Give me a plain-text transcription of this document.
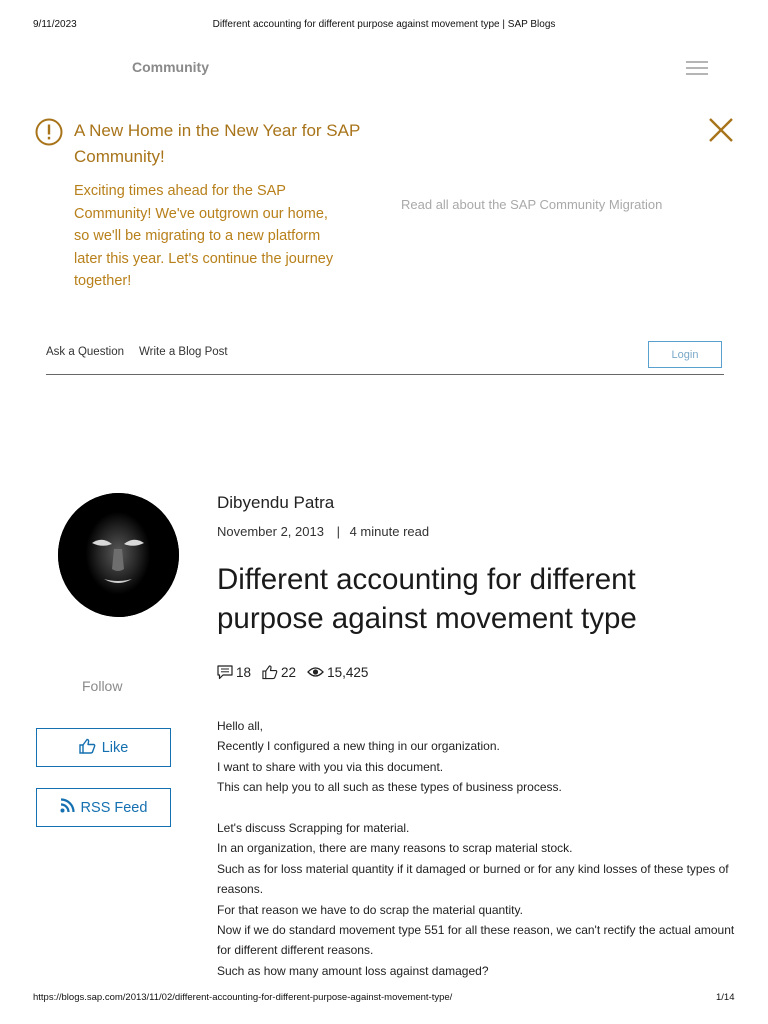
9/11/2023	Different accounting for different purpose against movement type | SAP Blogs
Community
A New Home in the New Year for SAP Community!
Exciting times ahead for the SAP Community! We've outgrown our home, so we'll be migrating to a new platform later this year. Let's continue the journey together!
Read all about the SAP Community Migration
Ask a Question Write a Blog Post	Login
Follow
Like
RSS Feed
Dibyendu Patra
November 2, 2013 | 4 minute read
Different accounting for different purpose against movement type
18 22 15,425

Hello all,

Recently I configured a new thing in our organization.

I want to share with you via this document.

This can help you to all such as these types of business process.

Let's discuss Scrapping for material.

In an organization, there are many reasons to scrap material stock.

Such as for loss material quantity if it damaged or burned or for any kind losses of these types of reasons.

For that reason we have to do scrap the material quantity.

Now if we do standard movement type 551 for all these reason, we can't rectify the actual amount for different different reasons.

Such as how many amount loss against damaged?

https://blogs.sap.com/2013/11/02/different-accounting-for-different-purpose-against-movement-type/	1/14
